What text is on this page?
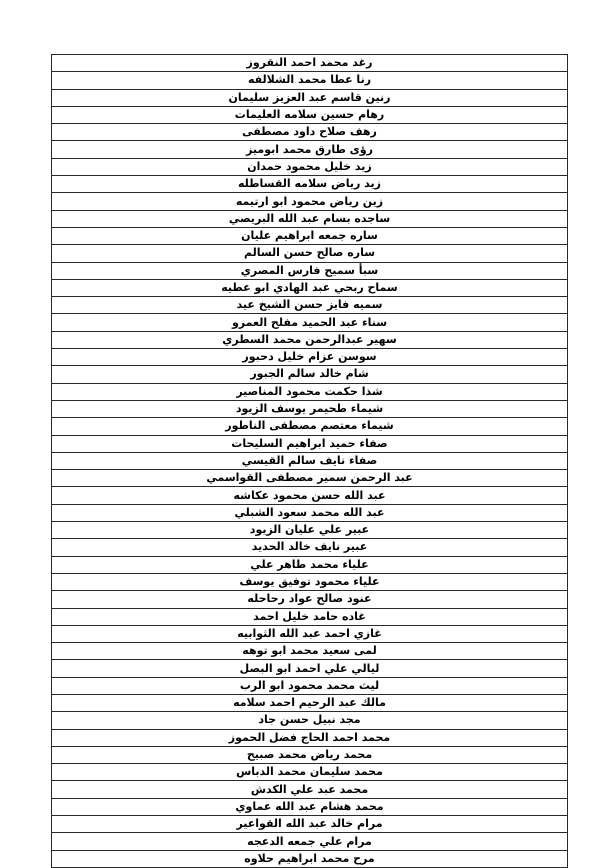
رغد محمد احمد النقروز
رنا عطا محمد الشلالفه
رنين قاسم عبد العزيز سليمان
رهام حسين سلامه العليمات
رهف صلاح داود مصطفى
رؤى طارق محمد ابوميز
زيد خليل محمود حمدان
زيد رياض سلامه القساطله
زين رياض محمود ابو ارتيمه
ساجده بسام عبد الله البريصي
ساره جمعه ابراهيم عليان
ساره صالح حسن السالم
سبأ سميح فارس المصري
سماح ربحي عبد الهادي ابو عطيه
سميه فايز حسن الشيخ عيد
سناء عبد الحميد مفلح العمرو
سهير عبدالرحمن محمد السطري
سوسن عزام خليل دحبور
شام خالد سالم الجبور
شذا حكمت محمود المناصير
شيماء طحيمر يوسف الزيود
شيماء معتصم مصطفى الناطور
صفاء حميد ابراهيم السليحات
صفاء نايف سالم القيسي
عبد الرحمن سمير مصطفى القواسمي
عبد الله حسن محمود عكاشه
عبد الله محمد سعود الشبلي
عبير علي عليان الزيود
عبير نايف خالد الحديد
علياء محمد طاهر علي
علياء محمود توفيق يوسف
عنود صالح عواد رحاحله
غاده حامد خليل احمد
غازي احمد عبد الله الثوابيه
لمى سعيد محمد ابو توهه
ليالي علي احمد ابو البصل
ليث محمد محمود ابو الرب
مالك عبد الرحيم احمد سلامه
مجد نبيل حسن جاد
محمد احمد الحاج فضل الحموز
محمد رياض محمد صبيح
محمد سليمان محمد الدباس
محمد عبد علي الكدش
محمد هشام عبد الله عماوي
مرام خالد عبد الله القواعير
مرام علي جمعه الدعجه
مرح محمد ابراهيم حلاوه
